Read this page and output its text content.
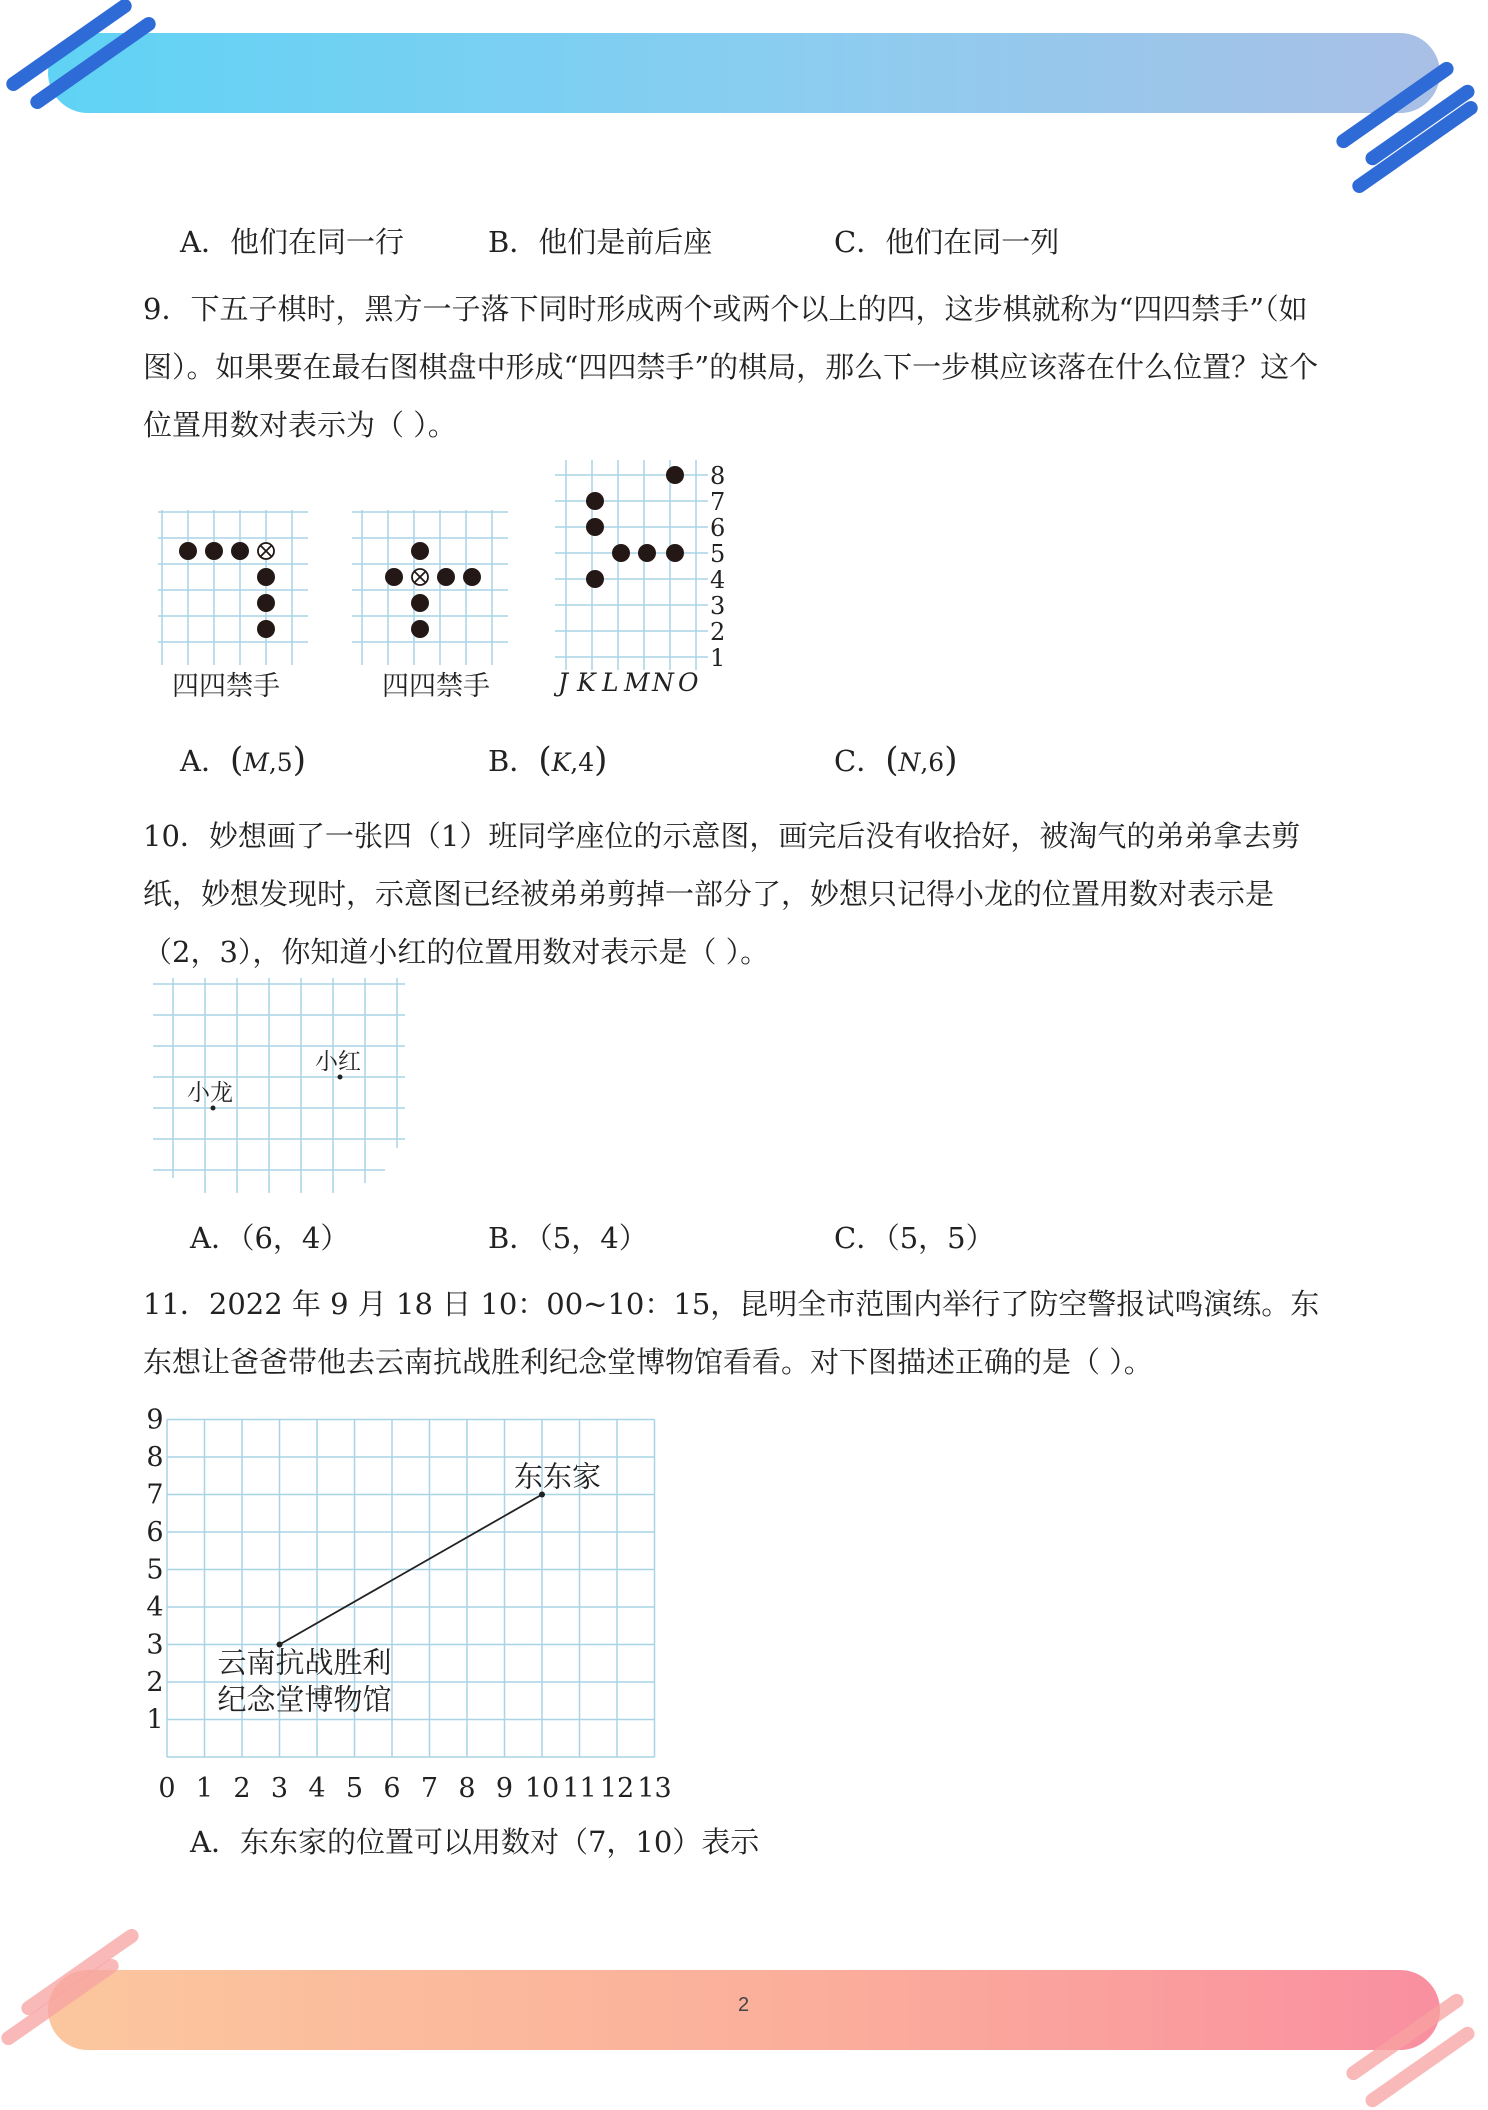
A．他们在同一行	B．他们是前后座	C．他们在同一列
9．下五子棋时，黑方一子落下同时形成两个或两个以上的四，这步棋就称为“四四禁手”（如图）。如果要在最右图棋盘中形成“四四禁手”的棋局，那么下一步棋应该落在什么位置？这个位置用数对表示为（ ）。
四四禁手	四四禁手
8
7
6
5
4
3
2
1
J K L M N O
A．(M,5)	B．(K,4)	C．(N,6)
10．妙想画了一张四（1）班同学座位的示意图，画完后没有收拾好，被淘气的弟弟拿去剪纸，妙想发现时，示意图已经被弟弟剪掉一部分了，妙想只记得小龙的位置用数对表示是（2，3），你知道小红的位置用数对表示是（ ）。
小红
小龙
A．（6，4）	B．（5，4）	C．（5，5）
11．2022 年 9 月 18 日 10：00~10：15，昆明全市范围内举行了防空警报试鸣演练。东东想让爸爸带他去云南抗战胜利纪念堂博物馆看看。对下图描述正确的是（ ）。
0 1 2 3 4 5 6 7 8 9 10 11 12 13
1
2
3
4
5
6
7
8
9
东东家
云南抗战胜利
纪念堂博物馆
A．东东家的位置可以用数对（7，10）表示
2
